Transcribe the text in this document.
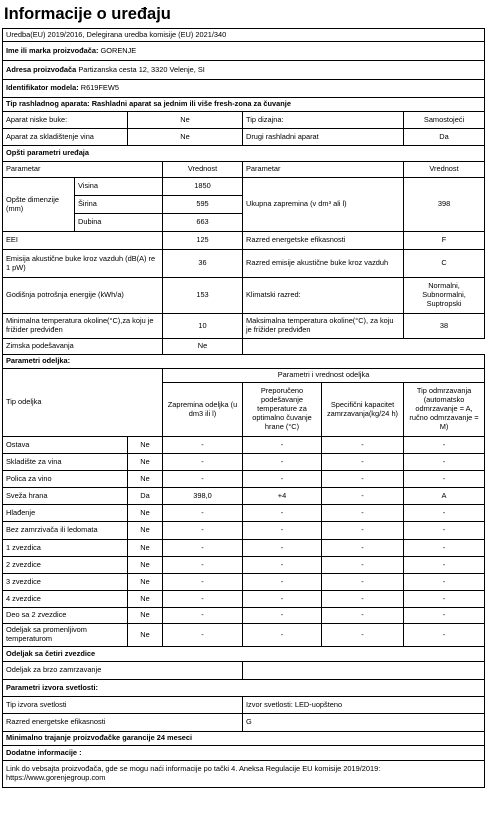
Informacije o uređaju
Uredba(EU) 2019/2016, Delegirana uredba komisije (EU) 2021/340						
Ime ili marka proizvođača: GORENJE						
Adresa proizvođača Partizanska cesta 12, 3320 Velenje, SI						
Identifikator modela: R619FEW5						
Tip rashladnog aparata: Rashladni aparat sa jednim ili više fresh-zona za čuvanje						
Aparat niske buke:		Ne		Tip dizajna:		Samostojeći
Aparat za skladištenje vina		Ne		Drugi rashladni aparat		Da
Opšti parametri uređaja						
Parametar			Vrednost	Parametar		Vrednost
Opšte dimenzije (mm)	Visina		1850	Ukupna zapremina (v dm³ ali l)		398
	Širina		595			
	Dubina		663			
EEI			125	Razred energetske efikasnosti		F
Emisija akustične buke kroz vazduh (dB(A) re 1 pW)			36	Razred emisije akustične buke kroz vazduh		C
Godišnja potrošnja energije (kWh/a)			153	Klimatski razred:		Normalni, Subnormalni, Suptropski
Minimalna temperatura okoline(°C),za koju je frižider predviđen			10	Maksimalna temperatura okoline(°C), za koju je frižider predviđen		38
Zimska podešavanja			Ne			
Parametri odeljka:						
Tip odeljka			Parametri i vrednost odeljka			
			Zapremina odeljka (u dm3 ili l)	Preporučeno podešavanje temperature za optimalno čuvanje hrane (°C)	Specifični kapacitet zamrzavanja(kg/24 h)	Tip odmrzavanja (automatsko odmrzavanje = A, ručno odmrzavanje = M)
Ostava		Ne	-	-	-	-
Skladište za vina		Ne	-	-	-	-
Polica za vino		Ne	-	-	-	-
Sveža hrana		Da	398,0	+4	-	A
Hlađenje		Ne	-	-	-	-
Bez zamrzivača ili ledomata		Ne	-	-	-	-
1 zvezdica		Ne	-	-	-	-
2 zvezdice		Ne	-	-	-	-
3 zvezdice		Ne	-	-	-	-
4 zvezdice		Ne	-	-	-	-
Deo sa 2 zvezdice		Ne	-	-	-	-
Odeljak sa promenljivom temperaturom		Ne	-	-	-	-
Odeljak sa četiri zvezdice						
Odeljak za brzo zamrzavanje						
Parametri izvora svetlosti:						
Tip izvora svetlosti				Izvor svetlosti: LED-uopšteno		
Razred energetske efikasnosti				G		
Minimalno trajanje proizvođačke garancije 24 meseci						
Dodatne informacije :						
Link do vebsajta proizvođača, gde se mogu naći informacije po tački 4. Aneksa Regulacije EU komisije 2019/2019: https://www.gorenjegroup.com						
